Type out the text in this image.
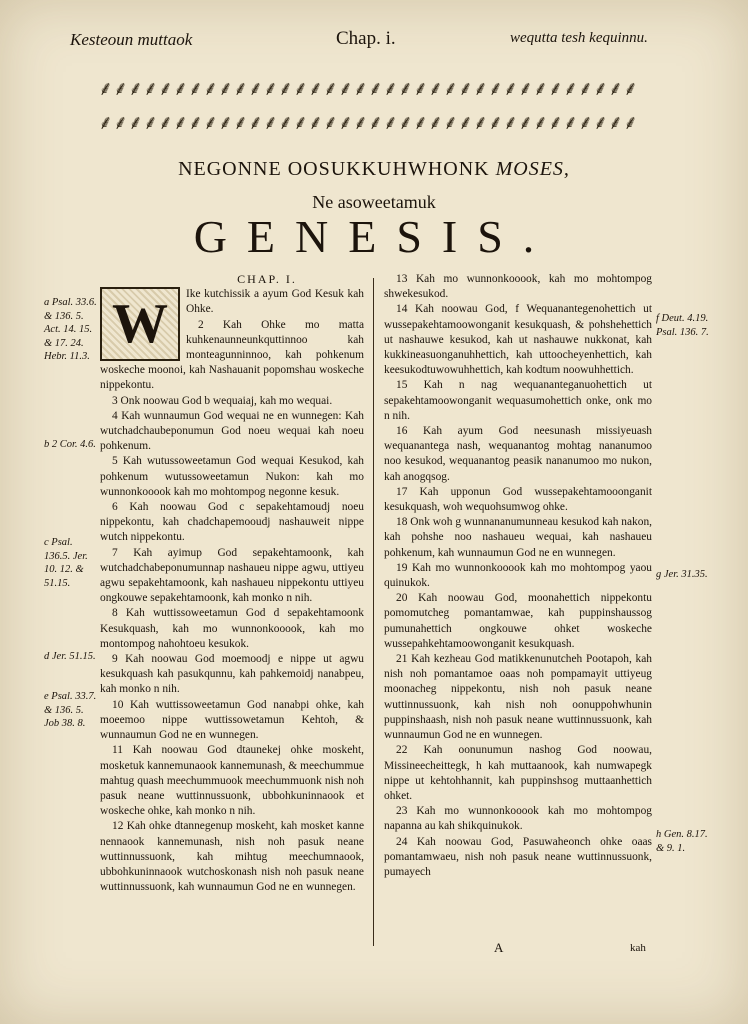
Kesteoun muttaok	Chap. i.	wequtta tesh kequinnu.
⸙⸙⸙⸙⸙⸙⸙⸙⸙⸙⸙⸙⸙⸙⸙⸙⸙⸙⸙⸙⸙⸙⸙⸙⸙⸙⸙⸙⸙⸙⸙⸙⸙⸙⸙⸙
⸙⸙⸙⸙⸙⸙⸙⸙⸙⸙⸙⸙⸙⸙⸙⸙⸙⸙⸙⸙⸙⸙⸙⸙⸙⸙⸙⸙⸙⸙⸙⸙⸙⸙⸙⸙
NEGONNE OOSUKKUHWHONK MOSES,
Ne asoweetamuk
GENESIS.
CHAP. I.
W	Ike kutchissik a ayum God Kesuk kah Ohke.

2 Kah Ohke mo matta kuhkenaunneunkquttinnoo kah monteagunninnoo, kah pohkenum woskeche moonoi, kah Nashauanit popomshau woskeche nippekontu.

3 Onk noowau God b wequaiaj, kah mo wequai.

4 Kah wunnaumun God wequai ne en wunnegen: Kah wutchadchaubeponumun God noeu wequai kah noeu pohkenum.

5 Kah wutussoweetamun God wequai Kesukod, kah pohkenum wutussoweetamun Nukon: kah mo wunnonkooook kah mo mohtompog negonne kesuk.

6 Kah noowau God c sepakehtamoudj noeu nippekontu, kah chadchapemooudj nashauweit nippe wutch nippekontu.

7 Kah ayimup God sepakehtamoonk, kah wutchadchabeponumunnap nashaueu nippe agwu, uttiyeu agwu sepakehtamoonk, kah nashaueu nippekontu uttiyeu ongkouwe sepakehtamoonk, kah monko n nih.

8 Kah wuttissoweetamun God d sepakehtamoonk Kesukquash, kah mo wunnonkooook, kah mo montompog nahohtoeu kesukok.

9 Kah noowau God moemoodj e nippe ut agwu kesukquash kah pasukqunnu, kah pahkemoidj nanabpeu, kah monko n nih.

10 Kah wuttissoweetamun God nanabpi ohke, kah moeemoo nippe wuttissowetamun Kehtoh, & wunnaumun God ne en wunnegen.

11 Kah noowau God dtaunekej ohke moskeht, mosketuk kannemunaook kannemunash, & meechummue mahtug quash meechummuook meechummuonk nish noh pasuk neane wuttinnussuonk, ubbohkuninnaook et woskeche ohke, kah monko n nih.

12 Kah ohke dtannegenup moskeht, kah mosket kanne nennaook kannemunash, nish noh pasuk neane wuttinnussuonk, kah mihtug meechumnaook, ubbohkuninnaook wutchoskonash nish noh pasuk neane wuttinnussuonk, kah wunnaumun God ne en wunnegen.

13 Kah mo wunnonkooook, kah mo mohtompog shwekesukod.

14 Kah noowau God, f Wequanantegenohettich ut wussepakehtamoowonganit kesukquash, & pohshehettich ut nashauwe kesukod, kah ut nashauwe nukkonat, kah kukkineasuonganuhhettich, kah uttoocheyenhettich, kah keesukodtuwowuhhettich, kah kodtum noowuhhettich.

15 Kah n nag wequananteganuohettich ut sepakehtamoowonganit wequasumohettich onke, onk mo n nih.

16 Kah ayum God neesunash missiyeuash wequanantega nash, wequanantog mohtag nananumoo noo kesukod, wequanantog peasik nananumoo mo nukon, kah anogqsog.

17 Kah upponun God wussepakehtamooonganit kesukquash, woh wequohsumwog ohke.

18 Onk woh g wunnananumunneau kesukod kah nakon, kah pohshe noo nashaueu wequai, kah nashaueu pohkenum, kah wunnaumun God ne en wunnegen.

19 Kah mo wunnonkooook kah mo mohtompog yaou quinukok.

20 Kah noowau God, moonahettich nippekontu pomomutcheg pomantamwae, kah puppinshaussog pumunahettich ongkouwe ohket woskeche wussepahkehtamoowonganit kesukquash.

21 Kah kezheau God matikkenunutcheh Pootapoh, kah nish noh pomantamoe oaas noh pompamayit uttiyeug moonacheg nippekontu, nish noh pasuk neane wuttinnussuonk, kah nish noh oonuppohwhunin puppinshaash, nish noh pasuk neane wuttinnussuonk, kah wunnaumun God ne en wunnegen.

22 Kah oonunumun nashog God noowau, Missineecheittegk, h kah muttaanook, kah numwapegk nippe ut kehtohhannit, kah puppinshsog muttaanhettich ohket.

23 Kah mo wunnonkooook kah mo mohtompog napanna au kah shikquinukok.

24 Kah noowau God, Pasuwaheonch ohke oaas pomantamwaeu, nish noh pasuk neane wuttinnussuonk, pumayech

a Psal. 33.6. & 136. 5. Act. 14. 15. & 17. 24. Hebr. 11.3.
b 2 Cor. 4.6.
c Psal. 136.5. Jer. 10. 12. & 51.15.
d Jer. 51.15.
e Psal. 33.7. & 136. 5. Job 38. 8.
f Deut. 4.19. Psal. 136. 7.
g Jer. 31.35.
h Gen. 8.17. & 9. 1.
A	kah
